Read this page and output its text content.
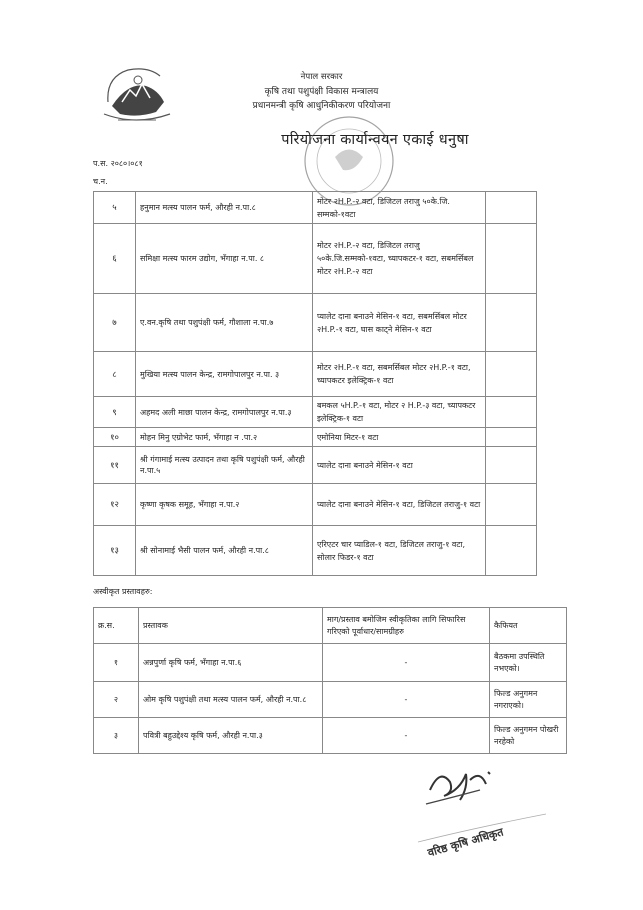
नेपाल सरकार
कृषि तथा पशुपंक्षी विकास मन्त्रालय
प्रधानमन्त्री कृषि आधुनिकीकरण परियोजना
परियोजना कार्यान्वयन एकाई धनुषा
प.स. २०८०।०८१
च.न.
५	हनुमान मत्स्य पालन फर्म, औरही न.पा.८	मोटर २H.P.-२ वटा, डिजिटल तराजु ५०के.जि. सम्मको-१वटा	
६	समिक्षा मत्स्य फारम उद्योग, भँगाहा न.पा. ८	मोटर २H.P.-२ वटा, डिजिटल तराजु ५०के.जि.सम्मको-१वटा, च्यापकटर-१ वटा, सबमर्सिबल मोटर २H.P.-२ वटा	
७	ए.वन.कृषि तथा पशुपंक्षी फर्म, गौशाला न.पा.७	प्यालेट दाना बनाउने मेसिन-१ वटा, सबमर्सिबल मोटर २H.P.-१ वटा, घास काट्ने मेसिन-१ वटा	
८	मुखिया मत्स्य पालन केन्द्र, रामगोपालपुर न.पा. ३	मोटर २H.P.-१ वटा, सबमर्सिबल मोटर २H.P.-१ वटा, च्यापकटर इलेक्ट्रिक-१ वटा	
९	अहमद अली माछा पालन केन्द्र, रामगोपालपुर न.पा.३	बमकल ५H.P.-१ वटा, मोटर २ H.P.-३ वटा, च्यापकटर इलेक्ट्रिक-१ वटा	
१०	मोहन मिनु एग्रोभेट फार्म, भँगाहा न .पा.२	एमोनिया मिटर-१ वटा	
११	श्री गंगामाई मत्स्य उत्पादन तथा कृषि पशुपंक्षी फर्म, औरही न.पा.५	प्यालेट दाना बनाउने मेसिन-१ वटा	
१२	कृष्णा कृषक समूह, भँगाहा न.पा.२	प्यालेट दाना बनाउने मेसिन-१ वटा, डिजिटल तराजु-१ वटा	
१३	श्री सोनामाई भैसी पालन फर्म, औरही न.पा.८	एरिएटर चार प्याडिल-१ वटा, डिजिटल तराजु-१ वटा, सोलार फिडर-१ वटा	
अस्वीकृत प्रस्तावहरु:
क्र.स.	प्रस्तावक	माग/प्रस्ताव बमोजिम स्वीकृतिका लागि सिफारिस गरिएको पूर्वाधार/सामग्रीहरु	कैफियत
१	अन्नपुर्णा कृषि फर्म, भँगाहा न.पा.६	-	बैठकमा उपस्थिति नभएको।
२	ओम कृषि पशुपंक्षी तथा मत्स्य पालन फर्म, औरही न.पा.८	-	फिल्ड अनुगमन नगराएको।
३	पवित्री बहुउद्देश्य कृषि फर्म, औरही न.पा.३	-	फिल्ड अनुगमन पोखरी नरहेको
वरिष्ठ कृषि अधिकृत
